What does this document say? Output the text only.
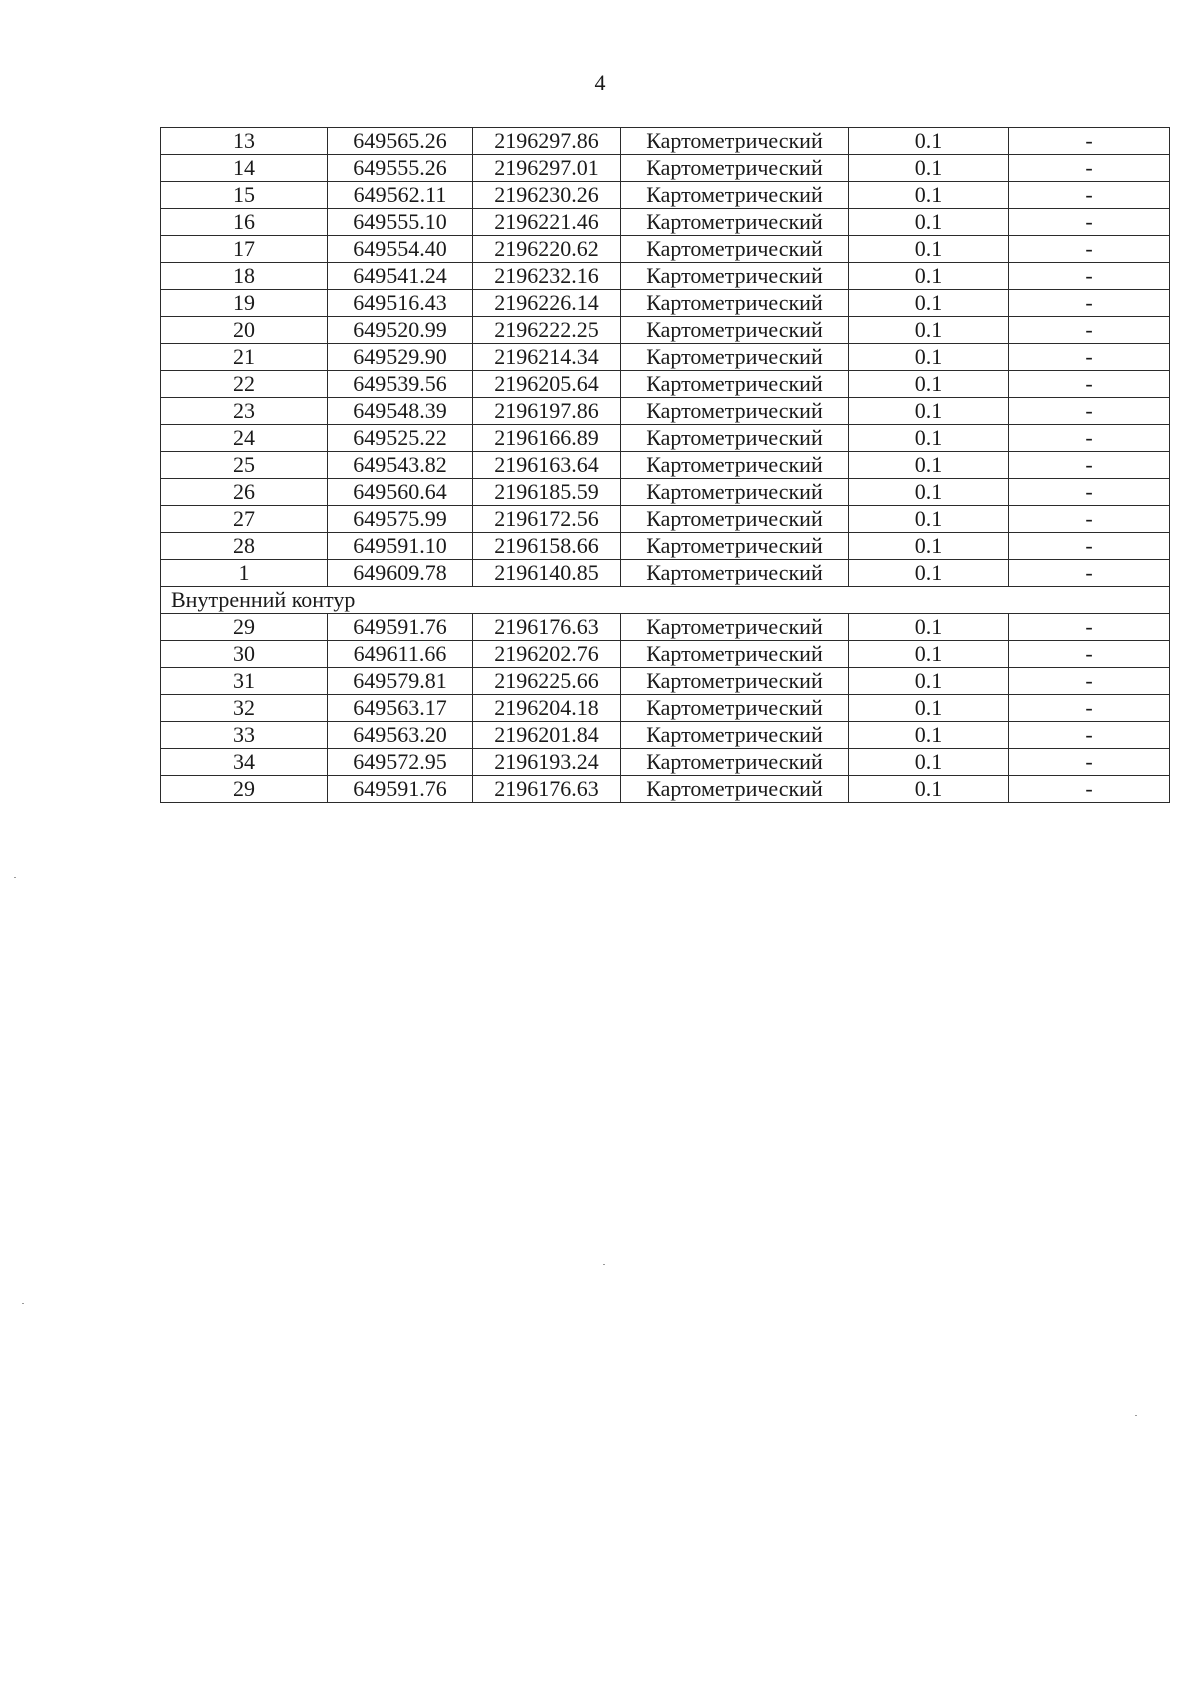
4
13	649565.26	2196297.86	Картометрический	0.1	-
14	649555.26	2196297.01	Картометрический	0.1	-
15	649562.11	2196230.26	Картометрический	0.1	-
16	649555.10	2196221.46	Картометрический	0.1	-
17	649554.40	2196220.62	Картометрический	0.1	-
18	649541.24	2196232.16	Картометрический	0.1	-
19	649516.43	2196226.14	Картометрический	0.1	-
20	649520.99	2196222.25	Картометрический	0.1	-
21	649529.90	2196214.34	Картометрический	0.1	-
22	649539.56	2196205.64	Картометрический	0.1	-
23	649548.39	2196197.86	Картометрический	0.1	-
24	649525.22	2196166.89	Картометрический	0.1	-
25	649543.82	2196163.64	Картометрический	0.1	-
26	649560.64	2196185.59	Картометрический	0.1	-
27	649575.99	2196172.56	Картометрический	0.1	-
28	649591.10	2196158.66	Картометрический	0.1	-
1	649609.78	2196140.85	Картометрический	0.1	-
Внутренний контур					
29	649591.76	2196176.63	Картометрический	0.1	-
30	649611.66	2196202.76	Картометрический	0.1	-
31	649579.81	2196225.66	Картометрический	0.1	-
32	649563.17	2196204.18	Картометрический	0.1	-
33	649563.20	2196201.84	Картометрический	0.1	-
34	649572.95	2196193.24	Картометрический	0.1	-
29	649591.76	2196176.63	Картометрический	0.1	-
